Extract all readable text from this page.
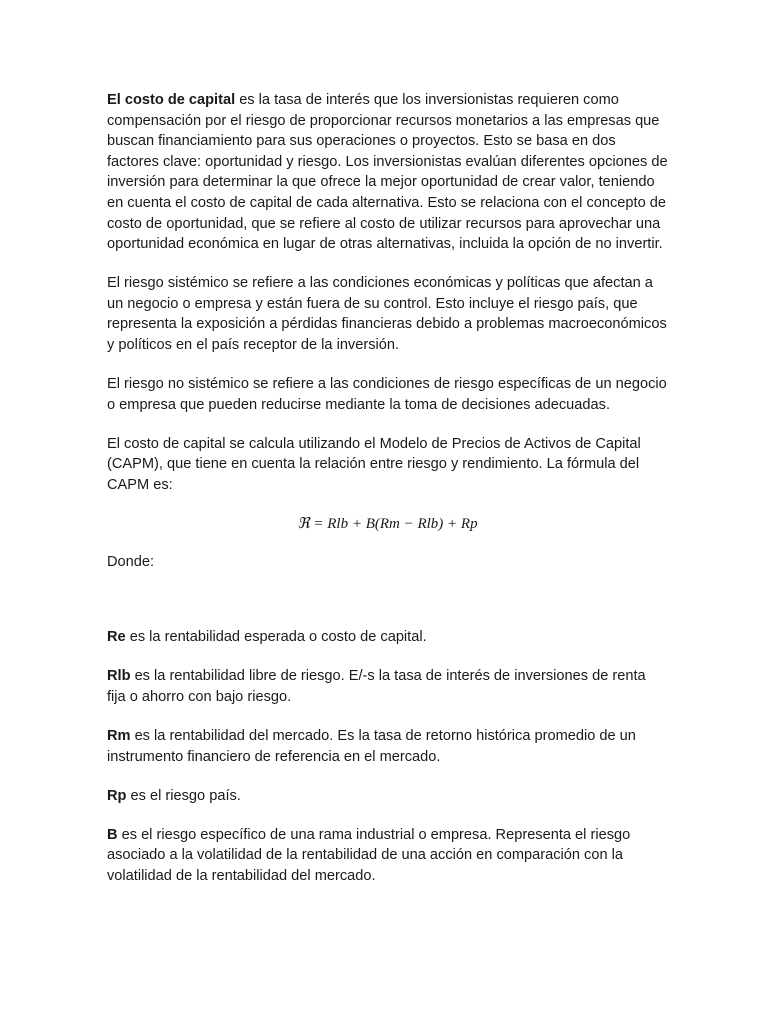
El costo de capital es la tasa de interés que los inversionistas requieren como compensación por el riesgo de proporcionar recursos monetarios a las empresas que buscan financiamiento para sus operaciones o proyectos. Esto se basa en dos factores clave: oportunidad y riesgo. Los inversionistas evalúan diferentes opciones de inversión para determinar la que ofrece la mejor oportunidad de crear valor, teniendo en cuenta el costo de capital de cada alternativa. Esto se relaciona con el concepto de costo de oportunidad, que se refiere al costo de utilizar recursos para aprovechar una oportunidad económica en lugar de otras alternativas, incluida la opción de no invertir.

El riesgo sistémico se refiere a las condiciones económicas y políticas que afectan a un negocio o empresa y están fuera de su control. Esto incluye el riesgo país, que representa la exposición a pérdidas financieras debido a problemas macroeconómicos y políticos en el país receptor de la inversión.

El riesgo no sistémico se refiere a las condiciones de riesgo específicas de un negocio o empresa que pueden reducirse mediante la toma de decisiones adecuadas.

El costo de capital se calcula utilizando el Modelo de Precios de Activos de Capital (CAPM), que tiene en cuenta la relación entre riesgo y rendimiento. La fórmula del CAPM es:

ℜ = Rlb + B(Rm − Rlb) + Rp

Donde:

Re es la rentabilidad esperada o costo de capital.

Rlb es la rentabilidad libre de riesgo. E/-s la tasa de interés de inversiones de renta fija o ahorro con bajo riesgo.

Rm es la rentabilidad del mercado. Es la tasa de retorno histórica promedio de un instrumento financiero de referencia en el mercado.

Rp es el riesgo país.

B es el riesgo específico de una rama industrial o empresa. Representa el riesgo asociado a la volatilidad de la rentabilidad de una acción en comparación con la volatilidad de la rentabilidad del mercado.
